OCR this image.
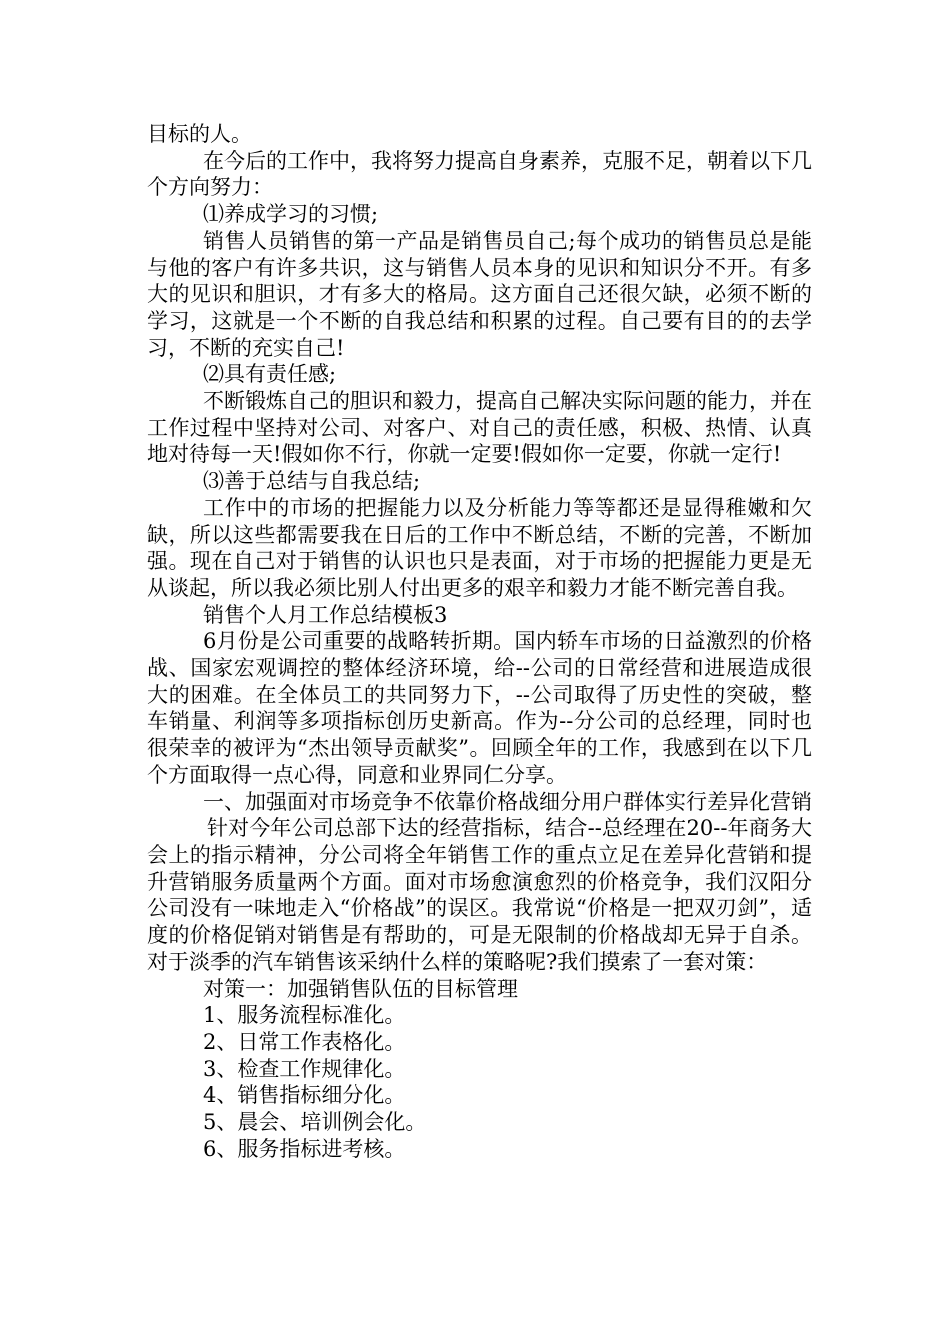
目标的人。

在今后的工作中，我将努力提高自身素养，克服不足，朝着以下几个方向努力：

⑴养成学习的习惯;

销售人员销售的第一产品是销售员自己;每个成功的销售员总是能与他的客户有许多共识，这与销售人员本身的见识和知识分不开。有多大的见识和胆识，才有多大的格局。这方面自己还很欠缺，必须不断的学习，这就是一个不断的自我总结和积累的过程。自己要有目的的去学习，不断的充实自己!

⑵具有责任感;

不断锻炼自己的胆识和毅力，提高自己解决实际问题的能力，并在工作过程中坚持对公司、对客户、对自己的责任感，积极、热情、认真地对待每一天!假如你不行，你就一定要!假如你一定要，你就一定行!

⑶善于总结与自我总结;

工作中的市场的把握能力以及分析能力等等都还是显得稚嫩和欠缺，所以这些都需要我在日后的工作中不断总结，不断的完善，不断加强。现在自己对于销售的认识也只是表面，对于市场的把握能力更是无从谈起，所以我必须比别人付出更多的艰辛和毅力才能不断完善自我。

销售个人月工作总结模板3

6月份是公司重要的战略转折期。国内轿车市场的日益激烈的价格战、国家宏观调控的整体经济环境，给--公司的日常经营和进展造成很大的困难。在全体员工的共同努力下，--公司取得了历史性的突破，整车销量、利润等多项指标创历史新高。作为--分公司的总经理，同时也很荣幸的被评为“杰出领导贡献奖”。回顾全年的工作，我感到在以下几个方面取得一点心得，同意和业界同仁分享。

一、加强面对市场竞争不依靠价格战细分用户群体实行差异化营销

针对今年公司总部下达的经营指标，结合--总经理在20--年商务大会上的指示精神，分公司将全年销售工作的重点立足在差异化营销和提升营销服务质量两个方面。面对市场愈演愈烈的价格竞争，我们汉阳分公司没有一味地走入“价格战”的误区。我常说“价格是一把双刃剑”，适度的价格促销对销售是有帮助的，可是无限制的价格战却无异于自杀。对于淡季的汽车销售该采纳什么样的策略呢?我们摸索了一套对策：

对策一：加强销售队伍的目标管理

1、服务流程标准化。

2、日常工作表格化。

3、检查工作规律化。

4、销售指标细分化。

5、晨会、培训例会化。

6、服务指标进考核。
